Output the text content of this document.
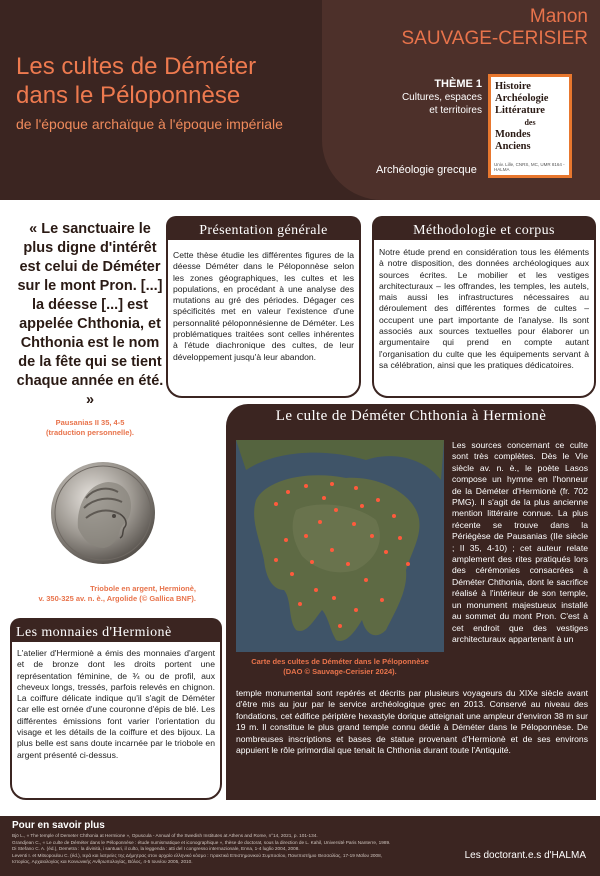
Manon
SAUVAGE-CERISIER
Les cultes de Déméter
dans le Péloponnèse
de l'époque archaïque à l'époque impériale
THÈME 1
Cultures, espaces
et territoires
Histoire
Archéologie
Littérature
des
Mondes
Anciens
Univ. Lille, CNRS, MC, UMR 8164 - HALMA
Archéologie grecque
« Le sanctuaire le plus digne d'intérêt est celui de Déméter sur le mont Pron. [...] la déesse [...] est appelée Chthonia, et Chthonia est le nom de la fête qui se tient chaque année en été. »
Pausanias II 35, 4-5
(traduction personnelle).
Triobole en argent, Hermionè,
v. 350-325 av. n. è., Argolide (© Gallica BNF).
Présentation générale
Cette thèse étudie les différentes figures de la déesse Déméter dans le Péloponnèse selon les zones géographiques, les cultes et les populations, en procédant à une analyse des mutations au gré des périodes. Dégager ces spécificités met en valeur l'existence d'une personnalité péloponnésienne de Déméter. Les problématiques traitées sont celles inhérentes à l'étude diachronique des cultes, de leur développement jusqu'à leur abandon.
Méthodologie et corpus
Notre étude prend en considération tous les éléments à notre disposition, des données archéologiques aux sources écrites. Le mobilier et les vestiges architecturaux – les offrandes, les temples, les autels, mais aussi les infrastructures nécessaires au déroulement des différentes formes de cultes – occupent une part importante de l'analyse. Ils sont associés aux sources textuelles pour élaborer un argumentaire qui prend en compte autant l'organisation du culte que les équipements servant à sa célébration, ainsi que les pratiques dédicatoires.
Le culte de Déméter Chthonia à Hermionè
Carte des cultes de Déméter dans le Péloponnèse
(DAO © Sauvage-Cerisier 2024).
Les sources concernant ce culte sont très complètes. Dès le VIe siècle av. n. è., le poète Lasos compose un hymne en l'honneur de la Déméter d'Hermionè (fr. 702 PMG). Il s'agit de la plus ancienne mention littéraire connue. La plus récente se trouve dans la Périégèse de Pausanias (IIe siècle ; II 35, 4-10) ; cet auteur relate amplement des rites pratiqués lors des cérémonies consacrées à Déméter Chthonia, dont le sacrifice réalisé à l'intérieur de son temple, un monument majestueux installé au sommet du mont Pron. C'est à cet endroit que des vestiges architecturaux appartenant à un
temple monumental sont repérés et décrits par plusieurs voyageurs du XIXe siècle avant d'être mis au jour par le service archéologique grec en 2013. Conservé au niveau des fondations, cet édifice périptère hexastyle dorique atteignait une ampleur d'environ 38 m sur 19 m. Il constitue le plus grand temple connu dédié à Déméter dans le Péloponnèse. De nombreuses inscriptions et bases de statue provenant d'Hermionè et de ses environs appuient le rôle primordial que tenait la Chthonia durant toute l'Antiquité.
Les monnaies d'Hermionè
L'atelier d'Hermionè a émis des monnaies d'argent et de bronze dont les droits portent une représentation féminine, de ¾ ou de profil, aux cheveux longs, tressés, parfois relevés en chignon. La coiffure délicate indique qu'il s'agit de Déméter car elle est ornée d'une couronne d'épis de blé. Les différentes émissions font varier l'orientation du visage et les détails de la coiffure et des bijoux. La plus belle est sans doute incarnée par le triobole en argent présenté ci-dessus.
Pour en savoir plus
Bjö L., « The temple of Demeter Chthonia at Hermione », Opuscula - Annual of the Swedish Institutes at Athens and Rome, n°14, 2021, p. 101-134.
Grandjean C., « Le culte de Déméter dans le Péloponnèse : étude numismatique et iconographique », thèse de doctorat, sous la direction de L. Kahil, Université Paris Nanterre, 1989.
Di Stefano C. A. (éd.), Demetra : la divinità, i santuari, il culto, la leggenda : atti del I congresso internazionale, Enna, 1-4 luglio 2004, 2008.
Leventi I. et Mitsopoulou C. (éd.), Ιερά και λατρείες της Δήμητρας στον αρχαίο ελληνικό κόσμο : πρακτικά Επιστημονικού Συμποσίου, Πανεπιστήμιο Θεσσαλίας, 17-19 Μαΐου 2008,
Ιστορίας, Αρχαιολογίας και Κοινωνικής Ανθρωπολογίας, Βόλος, 4-5 Ιουνίου 2005, 2010.
Les doctorant.e.s d'HALMA
